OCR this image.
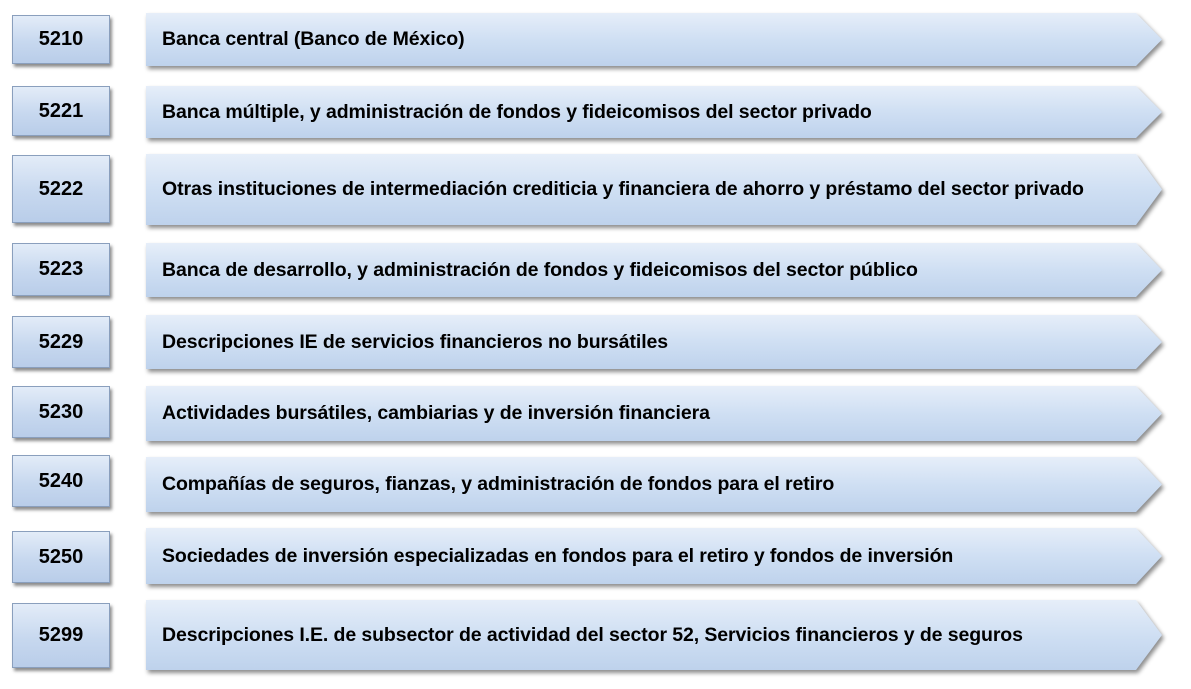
5210	Banca central (Banco de México)
5221	Banca múltiple, y administración de fondos y fideicomisos del sector privado
5222	Otras instituciones de intermediación crediticia y financiera de ahorro y préstamo del sector privado
5223	Banca de desarrollo, y administración de fondos y fideicomisos del sector público
5229	Descripciones IE de servicios financieros no bursátiles
5230	Actividades bursátiles, cambiarias y de inversión financiera
5240	Compañías de seguros, fianzas, y administración de fondos para el retiro
5250	Sociedades de inversión especializadas en fondos para el retiro y fondos de inversión
5299	Descripciones I.E. de subsector de actividad del sector 52, Servicios financieros y de seguros
